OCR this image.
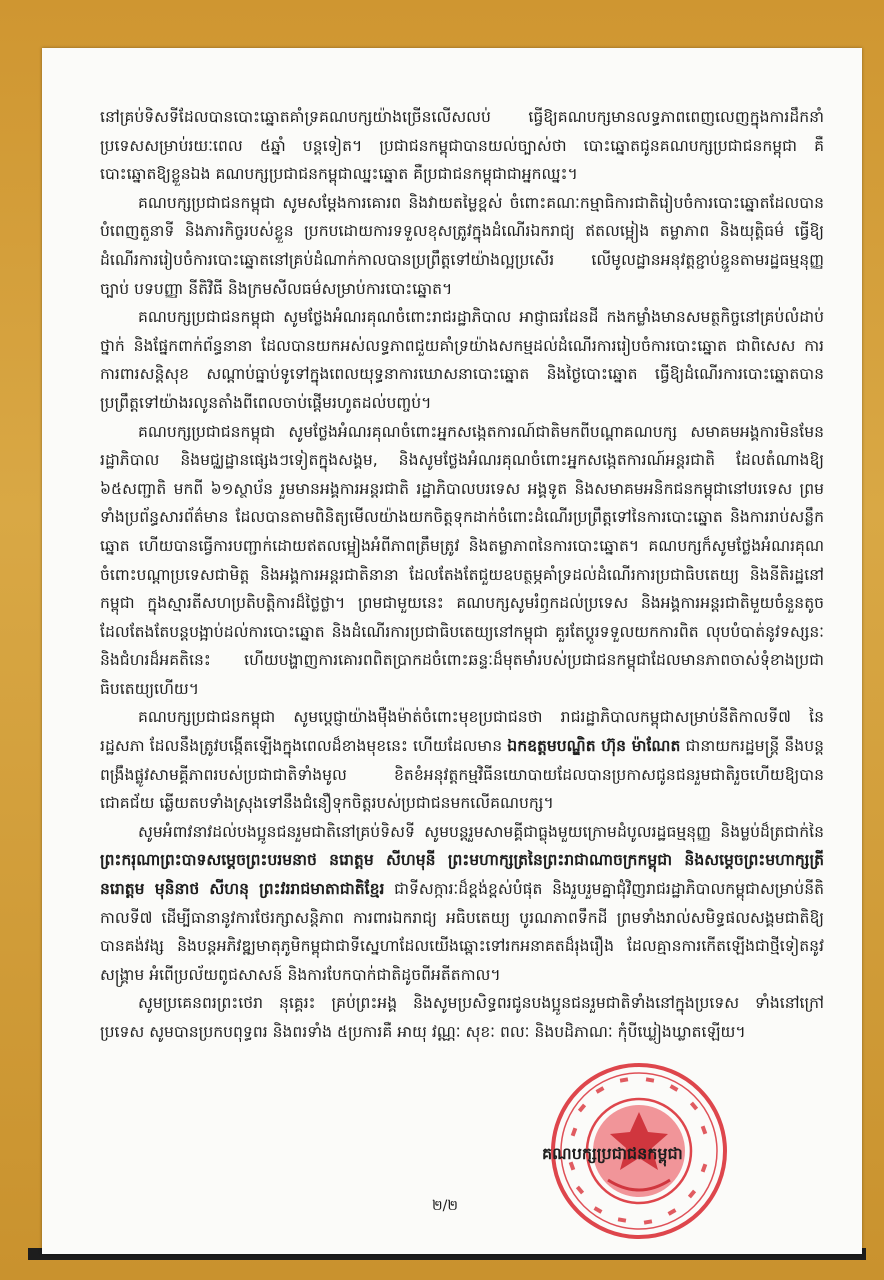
នៅគ្រប់ទិសទីដែលបានបោះឆ្នោតគាំទ្រគណបក្សយ៉ាងច្រើនលើសលប់ ធ្វើឱ្យគណបក្សមានលទ្ធភាពពេញលេញក្នុងការដឹកនាំប្រទេសសម្រាប់រយៈពេល ៥ឆ្នាំ បន្តទៀត។ ប្រជាជនកម្ពុជាបានយល់ច្បាស់ថា បោះឆ្នោតជូនគណបក្សប្រជាជនកម្ពុជា គឺបោះឆ្នោតឱ្យខ្លួនឯង គណបក្សប្រជាជនកម្ពុជាឈ្នះឆ្នោត គឺប្រជាជនកម្ពុជាជាអ្នកឈ្នះ។

គណបក្សប្រជាជនកម្ពុជា សូមសម្តែងការគោរព និងវាយតម្លៃខ្ពស់ ចំពោះគណៈកម្មាធិការជាតិរៀបចំការបោះឆ្នោតដែលបានបំពេញតួនាទី និងភារកិច្ចរបស់ខ្លួន ប្រកបដោយការទទួលខុសត្រូវក្នុងដំណើរឯករាជ្យ ឥតលម្អៀង តម្លាភាព និងយុត្តិធម៌ ធ្វើឱ្យដំណើរការរៀបចំការបោះឆ្នោតនៅគ្រប់ដំណាក់កាលបានប្រព្រឹត្តទៅយ៉ាងល្អប្រសើរ លើមូលដ្ឋានអនុវត្តខ្ជាប់ខ្ជួនតាមរដ្ឋធម្មនុញ្ញ ច្បាប់ បទបញ្ញា នីតិវិធី និងក្រមសីលធម៌សម្រាប់ការបោះឆ្នោត។

គណបក្សប្រជាជនកម្ពុជា សូមថ្លែងអំណរគុណចំពោះរាជរដ្ឋាភិបាល អាជ្ញាធរដែនដី កងកម្លាំងមានសមត្ថកិច្ចនៅគ្រប់លំដាប់ថ្នាក់ និងផ្នែកពាក់ព័ន្ធនានា ដែលបានយកអស់លទ្ធភាពជួយគាំទ្រយ៉ាងសកម្មដល់ដំណើរការរៀបចំការបោះឆ្នោត ជាពិសេស ការការពារសន្តិសុខ សណ្តាប់ធ្នាប់ទូទៅក្នុងពេលយុទ្ធនាការឃោសនាបោះឆ្នោត និងថ្ងៃបោះឆ្នោត ធ្វើឱ្យដំណើរការបោះឆ្នោតបានប្រព្រឹត្តទៅយ៉ាងរលូនតាំងពីពេលចាប់ផ្តើមរហូតដល់បញ្ចប់។

គណបក្សប្រជាជនកម្ពុជា សូមថ្លែងអំណរគុណចំពោះអ្នកសង្កេតការណ៍ជាតិមកពីបណ្តាគណបក្ស សមាគមអង្គការមិនមែនរដ្ឋាភិបាល និងមជ្ឈដ្ឋានផ្សេងៗទៀតក្នុងសង្គម, និងសូមថ្លែងអំណរគុណចំពោះអ្នកសង្កេតការណ៍អន្តរជាតិ ដែលតំណាងឱ្យ ៦៥សញ្ជាតិ មកពី ៦១ស្ថាប័ន រួមមានអង្គការអន្តរជាតិ រដ្ឋាភិបាលបរទេស អង្គទូត និងសមាគមអនិកជនកម្ពុជានៅបរទេស ព្រមទាំងប្រព័ន្ធសារព័ត៌មាន ដែលបានតាមពិនិត្យមើលយ៉ាងយកចិត្តទុកដាក់ចំពោះដំណើរប្រព្រឹត្តទៅនៃការបោះឆ្នោត និងការរាប់សន្លឹកឆ្នោត ហើយបានធ្វើការបញ្ជាក់ដោយឥតលម្អៀងអំពីភាពត្រឹមត្រូវ និងតម្លាភាពនៃការបោះឆ្នោត។ គណបក្សក៏សូមថ្លែងអំណរគុណចំពោះបណ្តាប្រទេសជាមិត្ត និងអង្គការអន្តរជាតិនានា ដែលតែងតែជួយឧបត្ថម្ភគាំទ្រដល់ដំណើរការប្រជាធិបតេយ្យ និងនីតិរដ្ឋនៅកម្ពុជា ក្នុងស្មារតីសហប្រតិបត្តិការដ៏ថ្លៃថ្លា។ ព្រមជាមួយនេះ គណបក្សសូមរំឭកដល់ប្រទេស និងអង្គការអន្តរជាតិមួយចំនួនតូច ដែលតែងតែបន្តបង្អាប់ដល់ការបោះឆ្នោត និងដំណើរការប្រជាធិបតេយ្យនៅកម្ពុជា គួរតែប្តូរទទួលយកការពិត លុបបំបាត់នូវទស្សនៈ និងជំហរដ៏អគតិនេះ ហើយបង្ហាញការគោរពពិតប្រាកដចំពោះឆន្ទៈដ៏មុតមាំរបស់ប្រជាជនកម្ពុជាដែលមានភាពចាស់ទុំខាងប្រជាធិបតេយ្យហើយ។

គណបក្សប្រជាជនកម្ពុជា សូមប្តេជ្ញាយ៉ាងម៉ឺងម៉ាត់ចំពោះមុខប្រជាជនថា រាជរដ្ឋាភិបាលកម្ពុជាសម្រាប់នីតិកាលទី៧ នៃរដ្ឋសភា ដែលនឹងត្រូវបង្កើតឡើងក្នុងពេលដ៏ខាងមុខនេះ ហើយដែលមាន ឯកឧត្តមបណ្ឌិត ហ៊ុន ម៉ាណែត ជានាយករដ្ឋមន្ត្រី នឹងបន្តពង្រឹងផ្លូវសាមគ្គីភាពរបស់ប្រជាជាតិទាំងមូល ខិតខំអនុវត្តកម្មវិធីនយោបាយដែលបានប្រកាសជូនជនរួមជាតិរួចហើយឱ្យបានជោគជ័យ ឆ្លើយតបទាំងស្រុងទៅនឹងជំនឿទុកចិត្តរបស់ប្រជាជនមកលើគណបក្ស។

សូមអំពាវនាវដល់បងប្អូនជនរួមជាតិនៅគ្រប់ទិសទី សូមបន្តរួមសាមគ្គីជាធ្លុងមួយក្រោមដំបូលរដ្ឋធម្មនុញ្ញ និងម្លប់ដ៏ត្រជាក់នៃព្រះករុណាព្រះបាទសម្តេចព្រះបរមនាថ នរោត្តម សីហមុនី ព្រះមហាក្សត្រនៃព្រះរាជាណាចក្រកម្ពុជា និងសម្តេចព្រះមហាក្សត្រី នរោត្តម មុនិនាថ សីហនុ ព្រះវររាជមាតាជាតិខ្មែរ ជាទីសក្ការៈដ៏ខ្ពង់ខ្ពស់បំផុត និងរួបរួមគ្នាជុំវិញរាជរដ្ឋាភិបាលកម្ពុជាសម្រាប់នីតិកាលទី៧ ដើម្បីធានានូវការថែរក្សាសន្តិភាព ការពារឯករាជ្យ អធិបតេយ្យ បូរណភាពទឹកដី ព្រមទាំងរាល់សមិទ្ធផលសង្គមជាតិឱ្យបានគង់វង្ស និងបន្តអភិវឌ្ឍមាតុភូមិកម្ពុជាជាទីស្នេហាដែលយើងឆ្ពោះទៅរកអនាគតដ៏រុងរឿង ដែលគ្មានការកើតឡើងជាថ្មីទៀតនូវសង្គ្រាម អំពើប្រល័យពូជសាសន៍ និងការបែកបាក់ជាតិដូចពីអតីតកាល។

សូមប្រគេនពរព្រះថេរា នុគ្គេរះ គ្រប់ព្រះអង្គ និងសូមប្រសិទ្ធពរជូនបងប្អូនជនរួមជាតិទាំងនៅក្នុងប្រទេស ទាំងនៅក្រៅប្រទេស សូមបានប្រកបពុទ្ធពរ និងពរទាំង ៥ប្រការគឺ អាយុ វណ្ណៈ សុខៈ ពលៈ និងបដិភាណៈ កុំបីឃ្លៀងឃ្លាតឡើយ។

គណបក្សប្រជាជនកម្ពុជា
២/២
